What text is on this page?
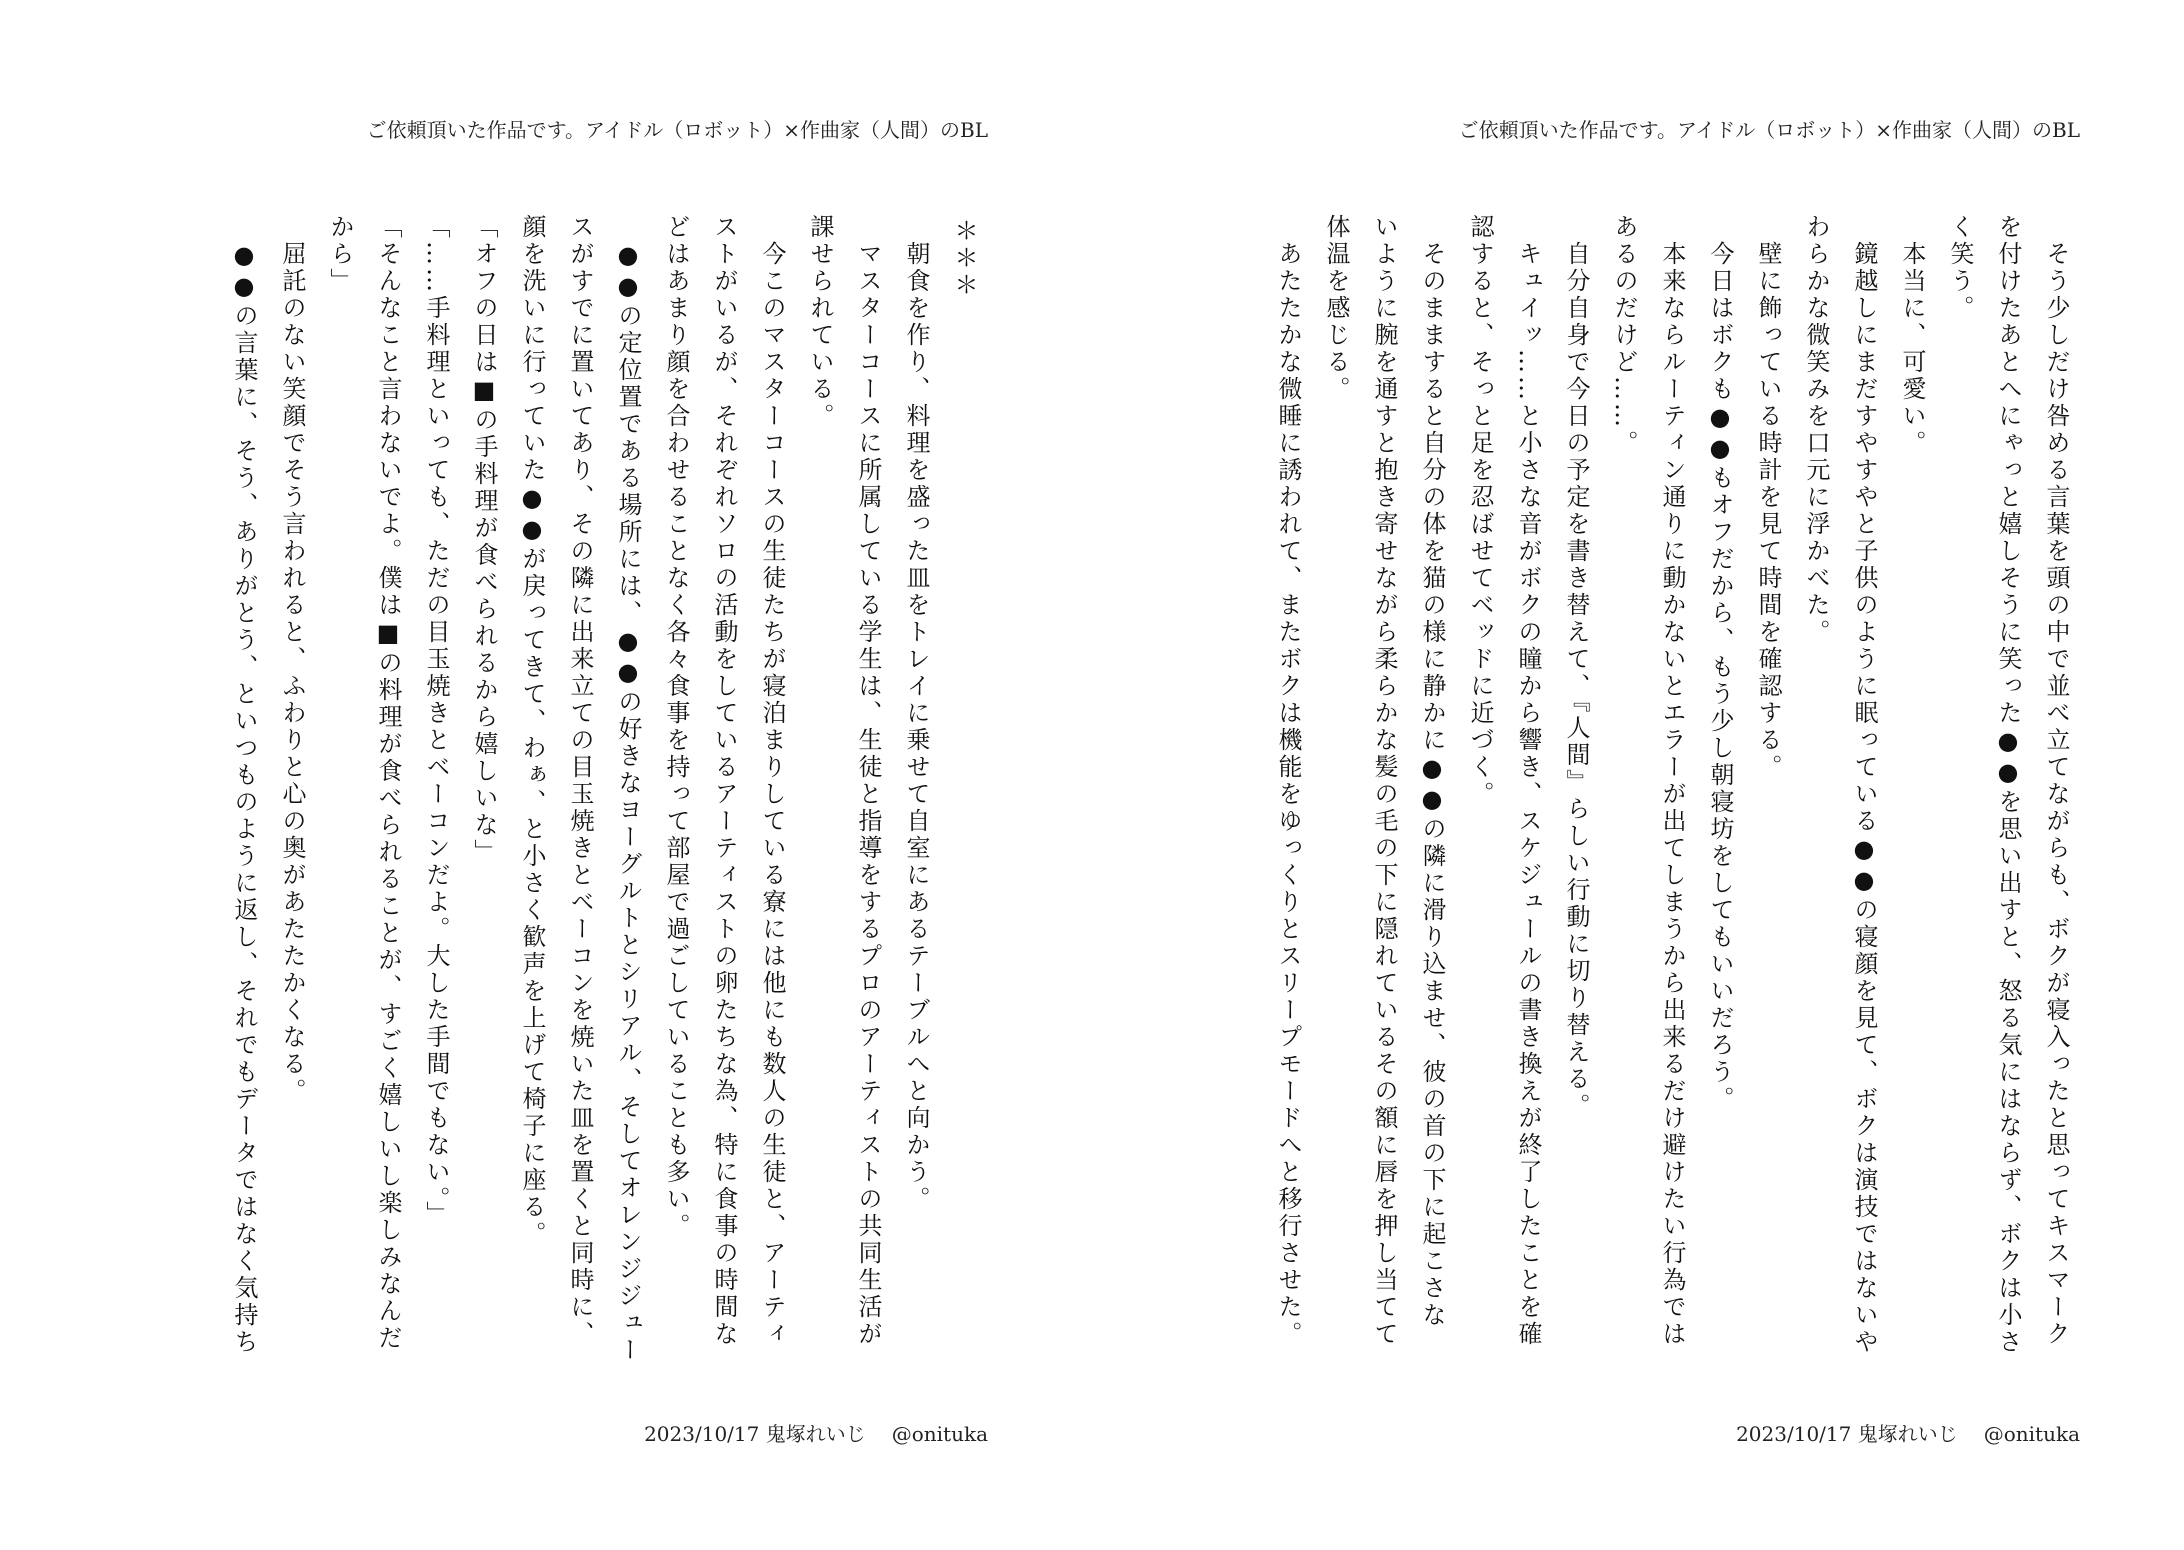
ご依頼頂いた作品です。アイドル（ロボット）×作曲家（人間）のBL
＊＊＊
　朝食を作り、料理を盛った皿をトレイに乗せて自室にあるテーブルへと向かう。
　マスターコースに所属している学生は、生徒と指導をするプロのアーティストの共同生活が
課せられている。
　今このマスターコースの生徒たちが寝泊まりしている寮には他にも数人の生徒と、アーティ
ストがいるが、それぞれソロの活動をしているアーティストの卵たちな為、特に食事の時間な
どはあまり顔を合わせることなく各々食事を持って部屋で過ごしていることも多い。
　●●の定位置である場所には、●●の好きなヨーグルトとシリアル、そしてオレンジジュー
スがすでに置いてあり、その隣に出来立ての目玉焼きとベーコンを焼いた皿を置くと同時に、
顔を洗いに行っていた●●が戻ってきて、わぁ、と小さく歓声を上げて椅子に座る。
「オフの日は■の手料理が食べられるから嬉しいな」
「……手料理といっても、ただの目玉焼きとベーコンだよ。大した手間でもない。」
「そんなこと言わないでよ。僕は■の料理が食べられることが、すごく嬉しいし楽しみなんだ
から」
　屈託のない笑顔でそう言われると、ふわりと心の奥があたたかくなる。
　●●の言葉に、そう、ありがとう、といつものように返し、それでもデータではなく気持ち
2023/10/17 鬼塚れいじ @onituka
ご依頼頂いた作品です。アイドル（ロボット）×作曲家（人間）のBL
　そう少しだけ咎める言葉を頭の中で並べ立てながらも、ボクが寝入ったと思ってキスマーク
を付けたあとへにゃっと嬉しそうに笑った●●を思い出すと、怒る気にはならず、ボクは小さ
く笑う。
　本当に、可愛い。
　鏡越しにまだすやすやと子供のように眠っている●●の寝顔を見て、ボクは演技ではないや
わらかな微笑みを口元に浮かべた。
　壁に飾っている時計を見て時間を確認する。
　今日はボクも●●もオフだから、もう少し朝寝坊をしてもいいだろう。
　本来ならルーティン通りに動かないとエラーが出てしまうから出来るだけ避けたい行為では
あるのだけど……。
　自分自身で今日の予定を書き替えて、『人間』らしい行動に切り替える。
　キュイッ……と小さな音がボクの瞳から響き、スケジュールの書き換えが終了したことを確
認すると、そっと足を忍ばせてベッドに近づく。
　そのまますると自分の体を猫の様に静かに●●の隣に滑り込ませ、彼の首の下に起こさな
いように腕を通すと抱き寄せながら柔らかな髪の毛の下に隠れているその額に唇を押し当てて
体温を感じる。
　あたたかな微睡に誘われて、またボクは機能をゆっくりとスリープモードへと移行させた。
2023/10/17 鬼塚れいじ @onituka
